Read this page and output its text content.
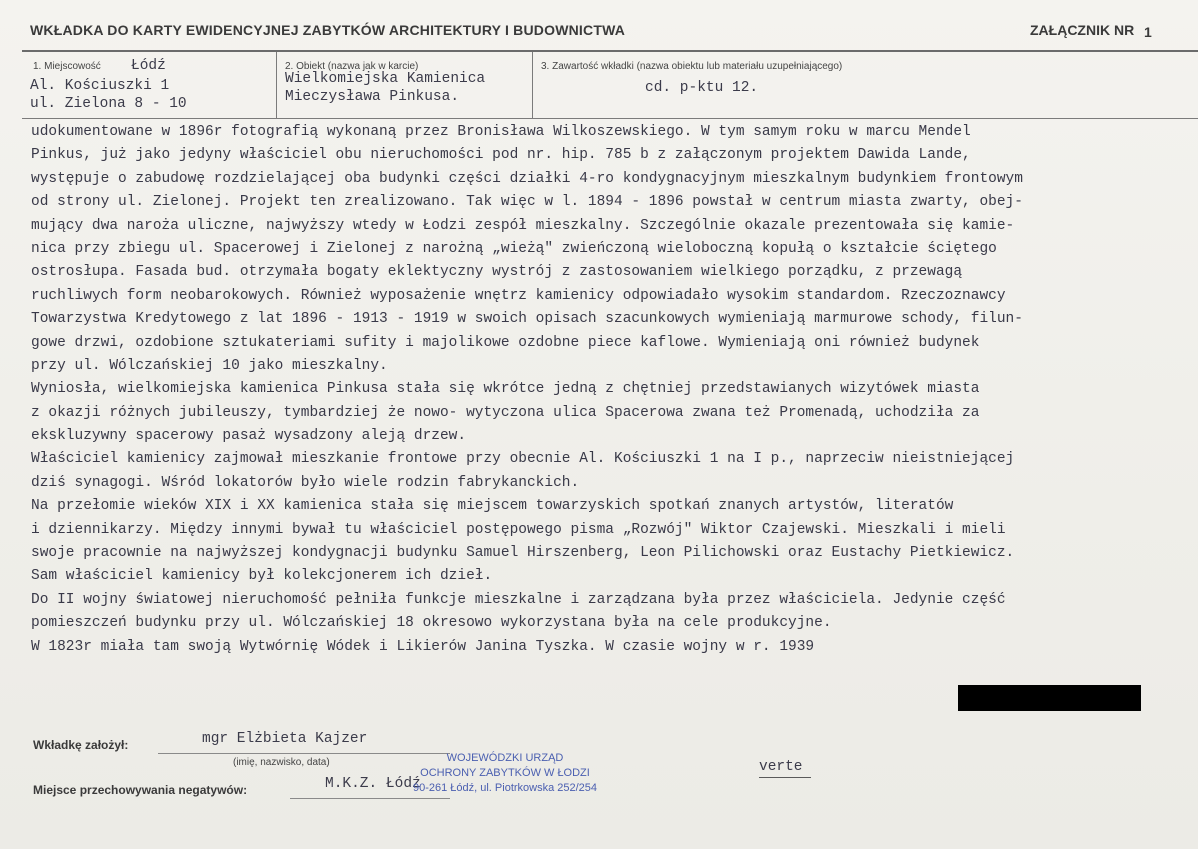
WKŁADKA DO KARTY EWIDENCYJNEJ ZABYTKÓW ARCHITEKTURY I BUDOWNICTWA	ZAŁĄCZNIK NR 1
1. Miejscowość Łódź
Al. Kościuszki 1
ul. Zielona 8 - 10
2. Obiekt (nazwa jak w karcie)
Wielkomiejska Kamienica
Mieczysława Pinkusa.
3. Zawartość wkładki (nazwa obiektu lub materiału uzupełniającego)
cd. p-ktu 12.
udokumentowane w 1896r fotografią wykonaną przez Bronisława Wilkoszewskiego. W tym samym roku w marcu Mendel
Pinkus, już jako jedyny właściciel obu nieruchomości pod nr. hip. 785 b z załączonym projektem Dawida Lande,
występuje o zabudowę rozdzielającej oba budynki części działki 4-ro kondygnacyjnym mieszkalnym budynkiem frontowym
od strony ul. Zielonej. Projekt ten zrealizowano. Tak więc w l. 1894 - 1896 powstał w centrum miasta zwarty, obej-
mujący dwa naroża uliczne, najwyższy wtedy w Łodzi zespół mieszkalny. Szczególnie okazale prezentowała się kamie-
nica przy zbiegu ul. Spacerowej i Zielonej z narożną „wieżą" zwieńczoną wieloboczną kopułą o kształcie ściętego
ostrosłupa. Fasada bud. otrzymała bogaty eklektyczny wystrój z zastosowaniem wielkiego porządku, z przewagą
ruchliwych form neobarokowych. Również wyposażenie wnętrz kamienicy odpowiadało wysokim standardom. Rzeczoznawcy
Towarzystwa Kredytowego z lat 1896 - 1913 - 1919 w swoich opisach szacunkowych wymieniają marmurowe schody, filun-
gowe drzwi, ozdobione sztukateriami sufity i majolikowe ozdobne piece kaflowe. Wymieniają oni również budynek
przy ul. Wólczańskiej 10 jako mieszkalny.
Wyniosła, wielkomiejska kamienica Pinkusa stała się wkrótce jedną z chętniej przedstawianych wizytówek miasta
z okazji różnych jubileuszy, tymbardziej że nowo- wytyczona ulica Spacerowa zwana też Promenadą, uchodziła za
ekskluzywny spacerowy pasaż wysadzony aleją drzew.
Właściciel kamienicy zajmował mieszkanie frontowe przy obecnie Al. Kościuszki 1 na I p., naprzeciw nieistniejącej
dziś synagogi. Wśród lokatorów było wiele rodzin fabrykanckich.
Na przełomie wieków XIX i XX kamienica stała się miejscem towarzyskich spotkań znanych artystów, literatów
i dziennikarzy. Między innymi bywał tu właściciel postępowego pisma „Rozwój" Wiktor Czajewski. Mieszkali i mieli
swoje pracownie na najwyższej kondygnacji budynku Samuel Hirszenberg, Leon Pilichowski oraz Eustachy Pietkiewicz.
Sam właściciel kamienicy był kolekcjonerem ich dzieł.
Do II wojny światowej nieruchomość pełniła funkcje mieszkalne i zarządzana była przez właściciela. Jedynie część
pomieszczeń budynku przy ul. Wólczańskiej 18 okresowo wykorzystana była na cele produkcyjne.
W 1823r miała tam swoją Wytwórnię Wódek i Likierów Janina Tyszka. W czasie wojny w r. 1939
Wkładkę założył:	mgr Elżbieta Kajzer
(imię, nazwisko, data)
Miejsce przechowywania negatywów:	M.K.Z. Łódź
verte
WOJEWÓDZKI URZĄD
OCHRONY ZABYTKÓW W ŁODZI
90-261 Łódź, ul. Piotrkowska 252/254
